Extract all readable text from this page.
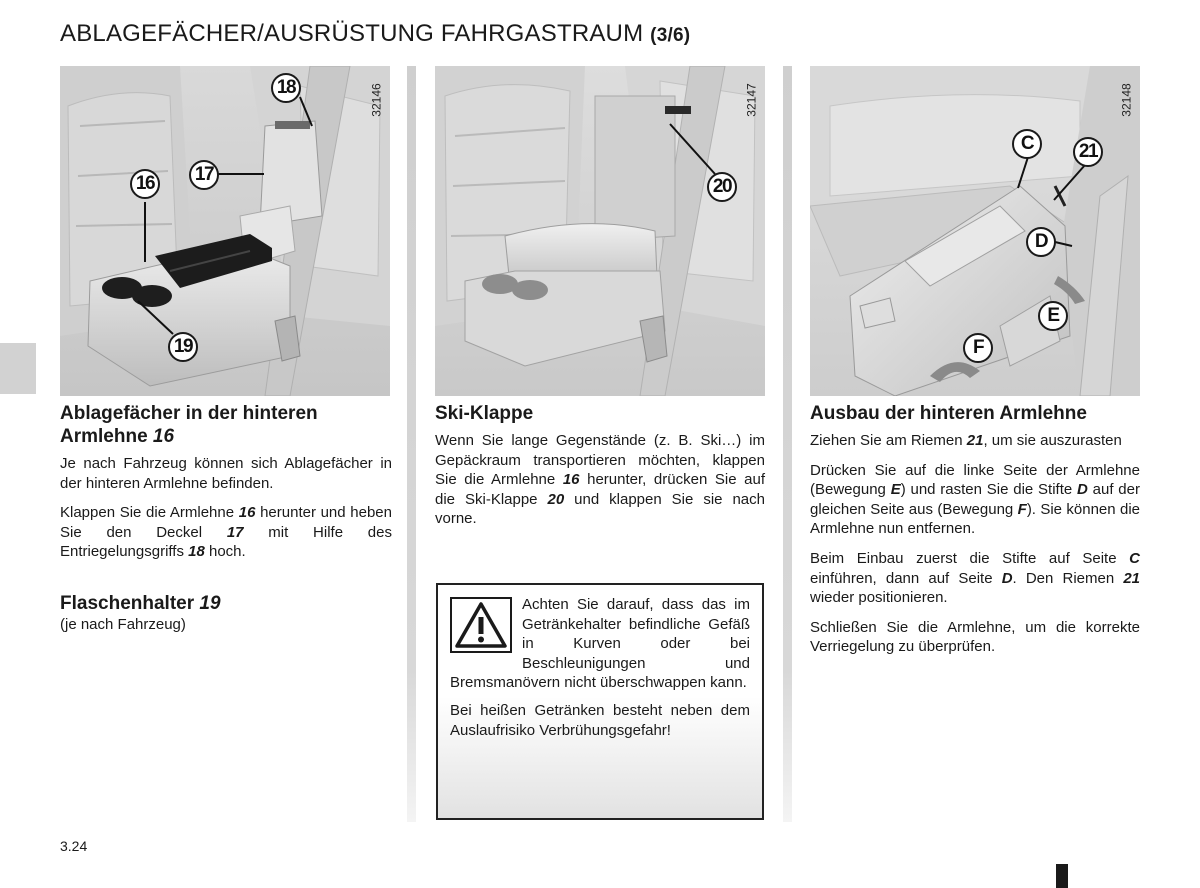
ABLAGEFÄCHER/AUSRÜSTUNG FAHRGASTRAUM (3/6)
32146
18
17
16
19
32147
20
32148
C	21
D
E
F
Ablagefächer in der hinteren Armlehne 16

Je nach Fahrzeug können sich Ablagefächer in der hinteren Armlehne befinden.

Klappen Sie die Armlehne 16 herunter und heben Sie den Deckel 17 mit Hilfe des Entriegelungsgriffs 18 hoch.

Flaschenhalter 19

(je nach Fahrzeug)

Ski-Klappe

Wenn Sie lange Gegenstände (z. B. Ski…) im Gepäckraum transportieren möchten, klappen Sie die Armlehne 16 herunter, drücken Sie auf die Ski-Klappe 20 und klappen Sie sie nach vorne.

Achten Sie darauf, dass das im Getränkehalter befindliche Gefäß in Kurven oder bei Beschleunigungen und Bremsmanövern nicht überschwappen kann.

Bei heißen Getränken besteht neben dem Auslaufrisiko Verbrühungsgefahr!

Ausbau der hinteren Armlehne

Ziehen Sie am Riemen 21, um sie auszurasten

Drücken Sie auf die linke Seite der Armlehne (Bewegung E) und rasten Sie die Stifte D auf der gleichen Seite aus (Bewegung F). Sie können die Armlehne nun entfernen.

Beim Einbau zuerst die Stifte auf Seite C einführen, dann auf Seite D. Den Riemen 21 wieder positionieren.

Schließen Sie die Armlehne, um die korrekte Verriegelung zu überprüfen.

3.24
